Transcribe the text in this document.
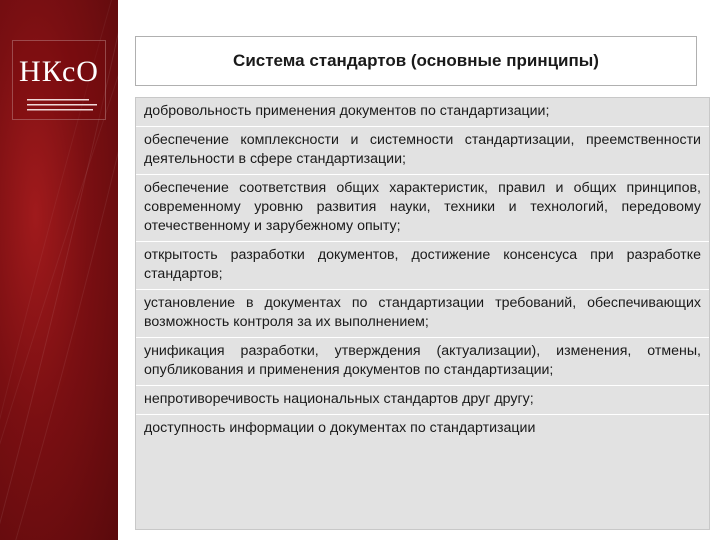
НКсО	Система стандартов (основные принципы)
добровольность применения документов по стандартизации;
обеспечение комплексности и системности стандартизации, преемственности деятельности в сфере стандартизации;
обеспечение соответствия общих характеристик, правил и общих принципов, современному уровню развития науки, техники и технологий, передовому отечественному и зарубежному опыту;
открытость разработки документов, достижение консенсуса при разработке стандартов;
установление в документах по стандартизации требований, обеспечивающих возможность контроля за их выполнением;
унификация разработки, утверждения (актуализации), изменения, отмены, опубликования и применения документов по стандартизации;
непротиворечивость национальных стандартов друг другу;
доступность информации о документах по стандартизации
